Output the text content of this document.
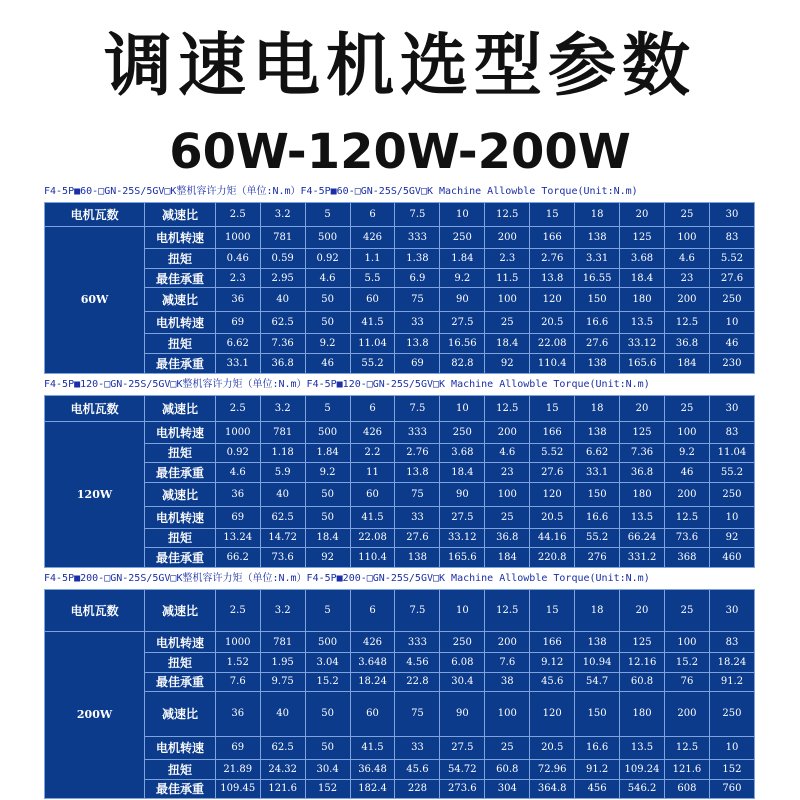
调速电机选型参数
60W-120W-200W
F4-5P■60-□GN-25S/5GV□K整机容许力矩（单位:N.m）F4-5P■60-□GN-25S/5GV□K Machine Allowble Torque(Unit:N.m)
电机瓦数	减速比	2.5	3.2	5	6	7.5	10	12.5	15	18	20	25	30
60W	电机转速	1000	781	500	426	333	250	200	166	138	125	100	83
	扭矩	0.46	0.59	0.92	1.1	1.38	1.84	2.3	2.76	3.31	3.68	4.6	5.52
	最佳承重	2.3	2.95	4.6	5.5	6.9	9.2	11.5	13.8	16.55	18.4	23	27.6
	减速比	36	40	50	60	75	90	100	120	150	180	200	250
	电机转速	69	62.5	50	41.5	33	27.5	25	20.5	16.6	13.5	12.5	10
	扭矩	6.62	7.36	9.2	11.04	13.8	16.56	18.4	22.08	27.6	33.12	36.8	46
	最佳承重	33.1	36.8	46	55.2	69	82.8	92	110.4	138	165.6	184	230
F4-5P■120-□GN-25S/5GV□K整机容许力矩（单位:N.m）F4-5P■120-□GN-25S/5GV□K Machine Allowble Torque(Unit:N.m)
电机瓦数	减速比	2.5	3.2	5	6	7.5	10	12.5	15	18	20	25	30
120W	电机转速	1000	781	500	426	333	250	200	166	138	125	100	83
	扭矩	0.92	1.18	1.84	2.2	2.76	3.68	4.6	5.52	6.62	7.36	9.2	11.04
	最佳承重	4.6	5.9	9.2	11	13.8	18.4	23	27.6	33.1	36.8	46	55.2
	减速比	36	40	50	60	75	90	100	120	150	180	200	250
	电机转速	69	62.5	50	41.5	33	27.5	25	20.5	16.6	13.5	12.5	10
	扭矩	13.24	14.72	18.4	22.08	27.6	33.12	36.8	44.16	55.2	66.24	73.6	92
	最佳承重	66.2	73.6	92	110.4	138	165.6	184	220.8	276	331.2	368	460
F4-5P■200-□GN-25S/5GV□K整机容许力矩（单位:N.m）F4-5P■200-□GN-25S/5GV□K Machine Allowble Torque(Unit:N.m)
电机瓦数	减速比	2.5	3.2	5	6	7.5	10	12.5	15	18	20	25	30
200W	电机转速	1000	781	500	426	333	250	200	166	138	125	100	83
	扭矩	1.52	1.95	3.04	3.648	4.56	6.08	7.6	9.12	10.94	12.16	15.2	18.24
	最佳承重	7.6	9.75	15.2	18.24	22.8	30.4	38	45.6	54.7	60.8	76	91.2
	减速比	36	40	50	60	75	90	100	120	150	180	200	250
	电机转速	69	62.5	50	41.5	33	27.5	25	20.5	16.6	13.5	12.5	10
	扭矩	21.89	24.32	30.4	36.48	45.6	54.72	60.8	72.96	91.2	109.24	121.6	152
	最佳承重	109.45	121.6	152	182.4	228	273.6	304	364.8	456	546.2	608	760
